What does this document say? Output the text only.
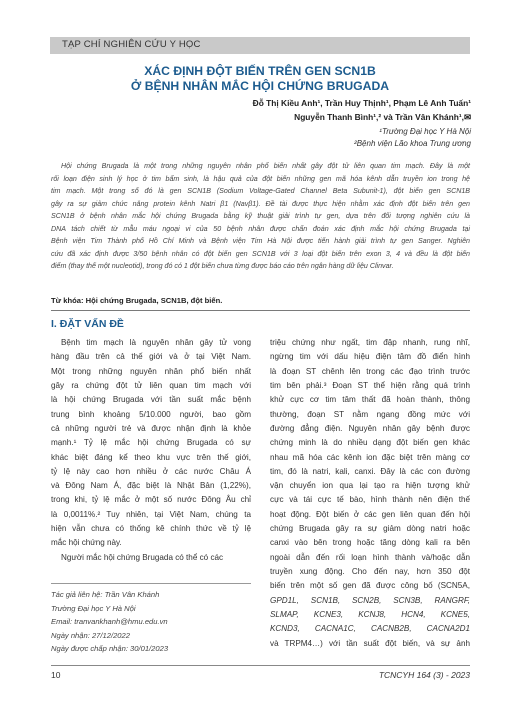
TẠP CHÍ NGHIÊN CỨU Y HỌC
XÁC ĐỊNH ĐỘT BIẾN TRÊN GEN SCN1B
Ở BỆNH NHÂN MẮC HỘI CHỨNG BRUGADA
Đỗ Thị Kiều Anh¹, Trần Huy Thịnh¹, Phạm Lê Anh Tuấn¹
Nguyễn Thanh Bình¹,² và Trần Vân Khánh¹,✉
¹Trường Đại học Y Hà Nội
²Bệnh viện Lão khoa Trung ương
Hội chứng Brugada là một trong những nguyên nhân phổ biến nhất gây đột tử liên quan tim mạch. Đây là một
rối loạn điện sinh lý học ở tim bẩm sinh, là hậu quả của đột biến những gen mã hóa kênh dẫn truyền ion trong hệ
tim mạch. Một trong số đó là gen SCN1B (Sodium Voltage-Gated Channel Beta Subunit-1), đột biến gen SCN1B
gây ra sự giảm chức năng protein kênh Natri β1 (Navβ1). Đề tài được thực hiện nhằm xác định đột biến trên gen
SCN1B ở bệnh nhân mắc hội chứng Brugada bằng kỹ thuật giải trình tự gen, dựa trên đối tượng nghiên cứu là
DNA tách chiết từ mẫu máu ngoại vi của 50 bệnh nhân được chẩn đoán xác định mắc hội chứng Brugada tại
Bệnh viện Tim Thành phố Hồ Chí Minh và Bệnh viện Tim Hà Nội được tiến hành giải trình tự gen Sanger. Nghiên
cứu đã xác định được 3/50 bệnh nhân có đột biến gen SCN1B với 3 loại đột biến trên exon 3, 4 và đều là đột biến
điểm (thay thế một nucleotid), trong đó có 1 đột biến chưa từng được báo cáo trên ngân hàng dữ liệu Clinvar.
Từ khóa: Hội chứng Brugada, SCN1B, đột biến.
I. ĐẶT VẤN ĐỀ
Bệnh tim mạch là nguyên nhân gây tử vong
hàng đầu trên cả thế giới và ở tại Việt Nam.
Một trong những nguyên nhân phổ biến nhất
gây ra chứng đột tử liên quan tim mạch với
là hội chứng Brugada với tần suất mắc bệnh
trung bình khoảng 5/10.000 người, bao gồm
cả những người trẻ và được nhận định là khỏe
mạnh.¹ Tỷ lệ mắc hội chứng Brugada có sự
khác biệt đáng kể theo khu vực trên thế giới,
tỷ lệ này cao hơn nhiều ở các nước Châu Á
và Đông Nam Á, đặc biệt là Nhật Bản (1,22%),
trong khi, tỷ lệ mắc ở một số nước Đông Âu chỉ
là 0,0011%.² Tuy nhiên, tại Việt Nam, chúng ta
hiện vẫn chưa có thống kê chính thức về tỷ lệ
mắc hội chứng này.
Người mắc hội chứng Brugada có thể có các
triệu chứng như ngất, tim đập nhanh, rung nhĩ,
ngừng tim với dấu hiệu điện tâm đồ điển hình
là đoạn ST chênh lên trong các đạo trình trước
tim bên phải.³ Đoạn ST thể hiện rằng quá trình
khử cực cơ tim tâm thất đã hoàn thành, thông
thường, đoạn ST nằm ngang đồng mức với
đường đẳng điện. Nguyên nhân gây bệnh được
chứng minh là do nhiều dạng đột biến gen khác
nhau mã hóa các kênh ion đặc biệt trên màng cơ
tim, đó là natri, kali, canxi. Đây là các con đường
vận chuyển ion qua lại tạo ra hiện tượng khử
cực và tái cực tế bào, hình thành nên điện thế
hoạt động. Đột biến ở các gen liên quan đến hội
chứng Brugada gây ra sự giảm dòng natri hoặc
canxi vào bên trong hoặc tăng dòng kali ra bên
ngoài dẫn đến rối loạn hình thành và/hoặc dẫn
truyền xung động. Cho đến nay, hơn 350 đột
biến trên một số gen đã được công bố (SCN5A,
GPD1L, SCN1B, SCN2B, SCN3B, RANGRF,
SLMAP, KCNE3, KCNJ8, HCN4, KCNE5,
KCND3, CACNA1C, CACNB2B, CACNA2D1
và TRPM4…) với tần suất đột biến, và sự ảnh
Tác giả liên hệ: Trần Vân Khánh
Trường Đại học Y Hà Nội
Email: tranvankhanh@hmu.edu.vn
Ngày nhận: 27/12/2022
Ngày được chấp nhận: 30/01/2023
10	TCNCYH 164 (3) - 2023
